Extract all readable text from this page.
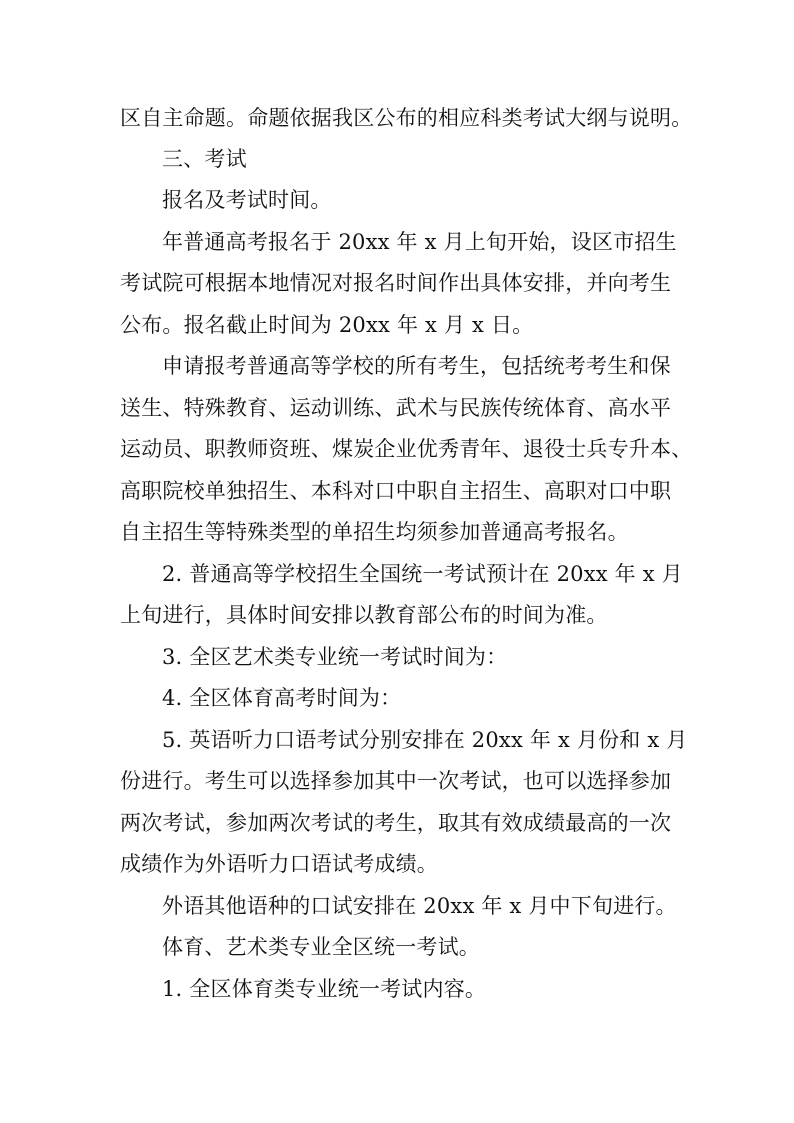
区自主命题。命题依据我区公布的相应科类考试大纲与说明。
三、考试
报名及考试时间。
年普通高考报名于 20xx 年 x 月上旬开始，设区市招生
考试院可根据本地情况对报名时间作出具体安排，并向考生
公布。报名截止时间为 20xx 年 x 月 x 日。
申请报考普通高等学校的所有考生，包括统考考生和保
送生、特殊教育、运动训练、武术与民族传统体育、高水平
运动员、职教师资班、煤炭企业优秀青年、退役士兵专升本、
高职院校单独招生、本科对口中职自主招生、高职对口中职
自主招生等特殊类型的单招生均须参加普通高考报名。
2. 普通高等学校招生全国统一考试预计在 20xx 年 x 月
上旬进行，具体时间安排以教育部公布的时间为准。
3. 全区艺术类专业统一考试时间为：
4. 全区体育高考时间为：
5. 英语听力口语考试分别安排在 20xx 年 x 月份和 x 月
份进行。考生可以选择参加其中一次考试，也可以选择参加
两次考试，参加两次考试的考生，取其有效成绩最高的一次
成绩作为外语听力口语试考成绩。
外语其他语种的口试安排在 20xx 年 x 月中下旬进行。
体育、艺术类专业全区统一考试。
1. 全区体育类专业统一考试内容。
